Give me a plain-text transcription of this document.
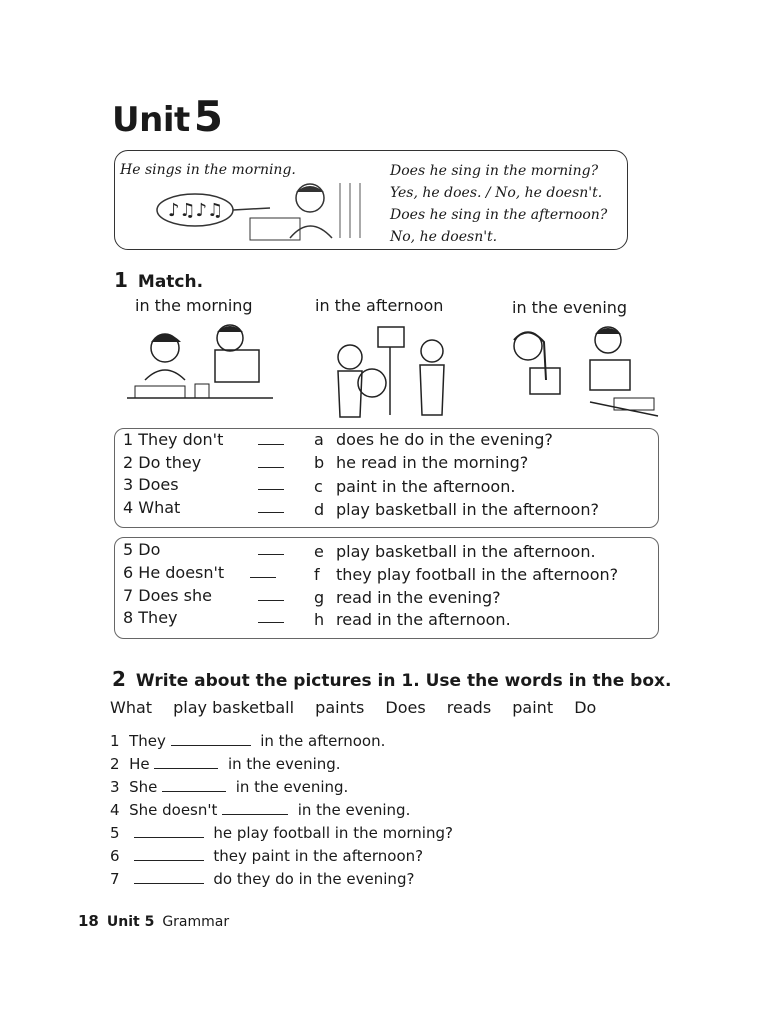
Unit5
He sings in the morning.	Does he sing in the morning?
Yes, he does. / No, he doesn't.
Does he sing in the afternoon?
No, he doesn't.
♪♫♪♫
1 Match.
in the morning	in the afternoon	in the evening
1 They don't	a does he do in the evening?
2 Do they	b he read in the morning?
3 Does	c paint in the afternoon.
4 What	d play basketball in the afternoon?
5 Do	e play basketball in the afternoon.
6 He doesn't	f they play football in the afternoon?
7 Does she	g read in the evening?
8 They	h read in the afternoon.
2 Write about the pictures in 1. Use the words in the box.
What play basketball paints Does reads paint Do
1 They	in the afternoon.
2 He	in the evening.
3 She	in the evening.
4 She doesn't	in the evening.
5	he play football in the morning?
6	they paint in the afternoon?
7	do they do in the evening?
18 Unit 5 Grammar
